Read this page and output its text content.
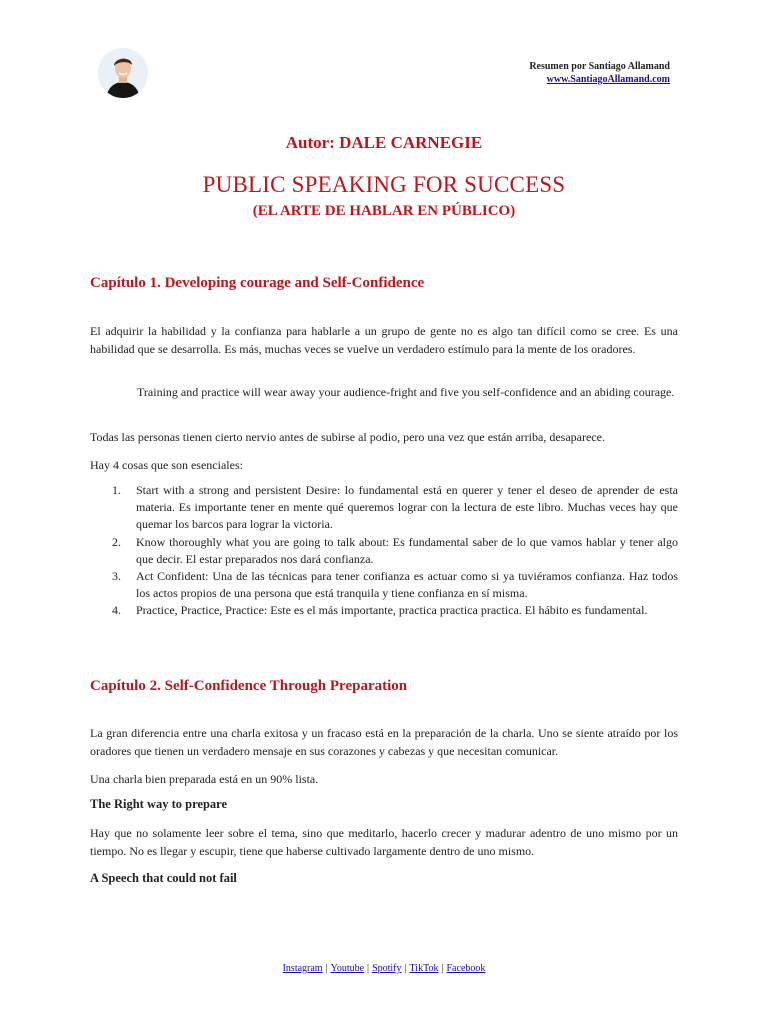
Resumen por Santiago Allamand
www.SantiagoAllamand.com
Autor: DALE CARNEGIE
PUBLIC SPEAKING FOR SUCCESS
(EL ARTE DE HABLAR EN PÚBLICO)
Capítulo 1. Developing courage and Self-Confidence

El adquirir la habilidad y la confianza para hablarle a un grupo de gente no es algo tan difícil como se cree. Es una habilidad que se desarrolla. Es más, muchas veces se vuelve un verdadero estímulo para la mente de los oradores.

Training and practice will wear away your audience-fright and five you self-confidence and an abiding courage.

Todas las personas tienen cierto nervio antes de subirse al podio, pero una vez que están arriba, desaparece.

Hay 4 cosas que son esenciales:

1. Start with a strong and persistent Desire: lo fundamental está en querer y tener el deseo de aprender de esta materia. Es importante tener en mente qué queremos lograr con la lectura de este libro. Muchas veces hay que quemar los barcos para lograr la victoria.
2. Know thoroughly what you are going to talk about: Es fundamental saber de lo que vamos hablar y tener algo que decir. El estar preparados nos dará confianza.
3. Act Confident: Una de las técnicas para tener confianza es actuar como si ya tuviéramos confianza. Haz todos los actos propios de una persona que está tranquila y tiene confianza en sí misma.
4. Practice, Practice, Practice: Este es el más importante, practica practica practica. El hábito es fundamental.
Capítulo 2. Self-Confidence Through Preparation

La gran diferencia entre una charla exitosa y un fracaso está en la preparación de la charla. Uno se siente atraído por los oradores que tienen un verdadero mensaje en sus corazones y cabezas y que necesitan comunicar.

Una charla bien preparada está en un 90% lista.

The Right way to prepare

Hay que no solamente leer sobre el tema, sino que meditarlo, hacerlo crecer y madurar adentro de uno mismo por un tiempo. No es llegar y escupir, tiene que haberse cultivado largamente dentro de uno mismo.

A Speech that could not fail
Instagram | Youtube | Spotify | TikTok | Facebook
